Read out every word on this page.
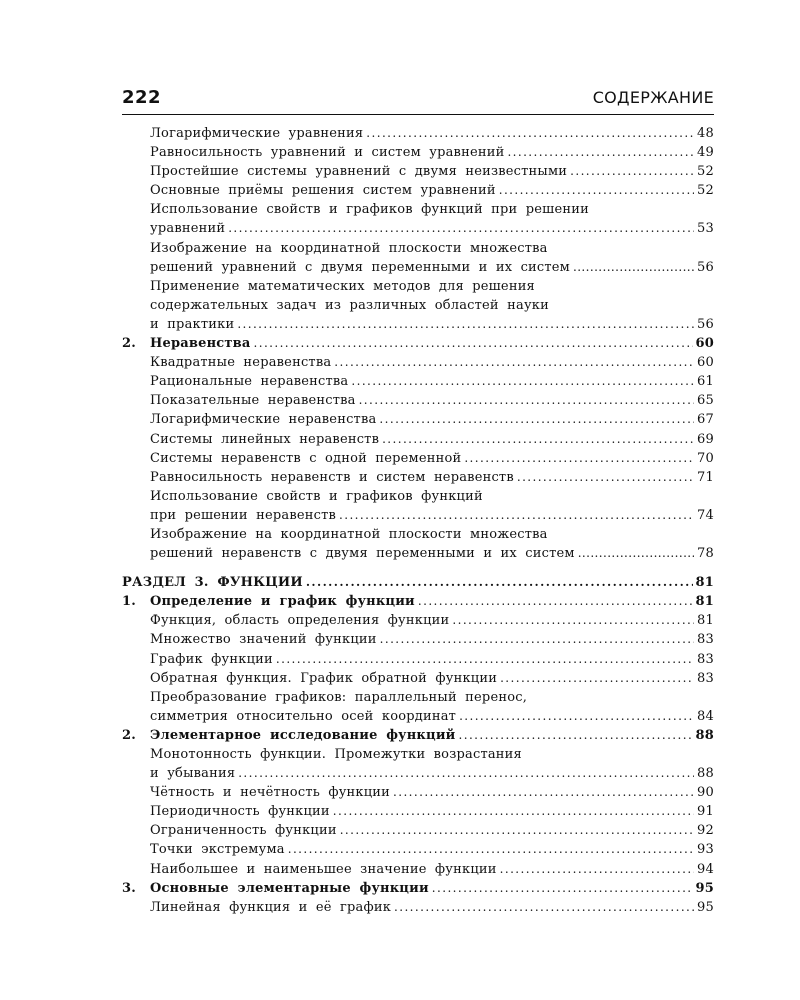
222	СОДЕРЖАНИЕ
Логарифмические уравнения .....	48
Равносильность уравнений и систем уравнений .....	49
Простейшие системы уравнений с двумя неизвестными .....	52
Основные приёмы решения систем уравнений .....	52
Использование свойств и графиков функций при решении
уравнений .....	53
Изображение на координатной плоскости множества
решений уравнений с двумя переменными и их систем .....	56
Применение математических методов для решения
содержательных задач из различных областей науки
и практики .....	56
2. Неравенства .....	60
Квадратные неравенства .....	60
Рациональные неравенства .....	61
Показательные неравенства .....	65
Логарифмические неравенства .....	67
Системы линейных неравенств .....	69
Системы неравенств с одной переменной .....	70
Равносильность неравенств и систем неравенств .....	71
Использование свойств и графиков функций
при решении неравенств .....	74
Изображение на координатной плоскости множества
решений неравенств с двумя переменными и их систем .....	78
РАЗДЕЛ 3. ФУНКЦИИ .....	81
1. Определение и график функции .....	81
Функция, область определения функции .....	81
Множество значений функции .....	83
График функции .....	83
Обратная функция. График обратной функции .....	83
Преобразование графиков: параллельный перенос,
симметрия относительно осей координат .....	84
2. Элементарное исследование функций .....	88
Монотонность функции. Промежутки возрастания
и убывания .....	88
Чётность и нечётность функции .....	90
Периодичность функции .....	91
Ограниченность функции .....	92
Точки экстремума .....	93
Наибольшее и наименьшее значение функции .....	94
3. Основные элементарные функции .....	95
Линейная функция и её график .....	95
